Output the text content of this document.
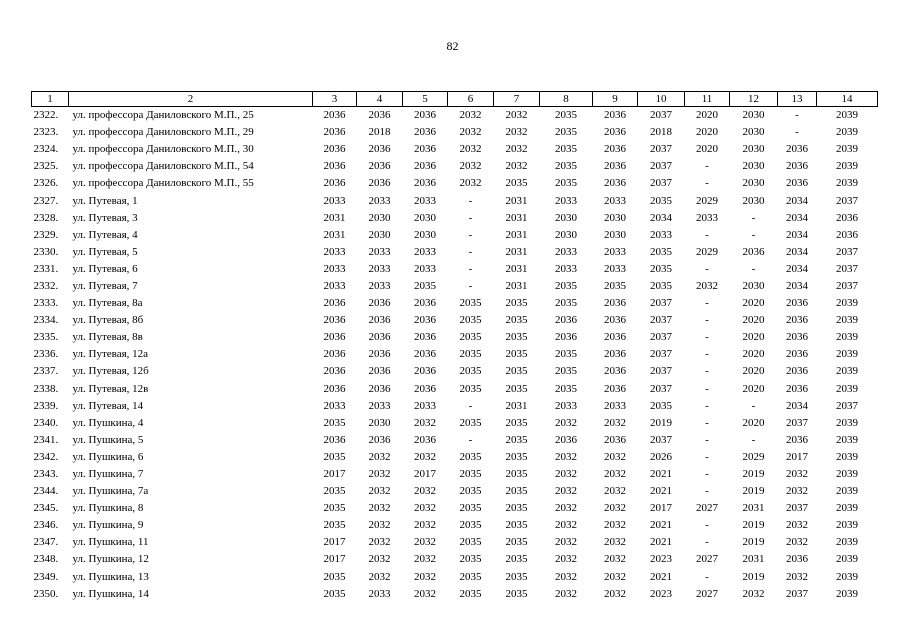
82
1	2	3	4	5	6	7	8	9	10	11	12	13	14
2322.	ул. профессора Даниловского М.П., 25	2036	2036	2036	2032	2032	2035	2036	2037	2020	2030	-	2039
2323.	ул. профессора Даниловского М.П., 29	2036	2018	2036	2032	2032	2035	2036	2018	2020	2030	-	2039
2324.	ул. профессора Даниловского М.П., 30	2036	2036	2036	2032	2032	2035	2036	2037	2020	2030	2036	2039
2325.	ул. профессора Даниловского М.П., 54	2036	2036	2036	2032	2032	2035	2036	2037	-	2030	2036	2039
2326.	ул. профессора Даниловского М.П., 55	2036	2036	2036	2032	2035	2035	2036	2037	-	2030	2036	2039
2327.	ул. Путевая, 1	2033	2033	2033	-	2031	2033	2033	2035	2029	2030	2034	2037
2328.	ул. Путевая, 3	2031	2030	2030	-	2031	2030	2030	2034	2033	-	2034	2036
2329.	ул. Путевая, 4	2031	2030	2030	-	2031	2030	2030	2033	-	-	2034	2036
2330.	ул. Путевая, 5	2033	2033	2033	-	2031	2033	2033	2035	2029	2036	2034	2037
2331.	ул. Путевая, 6	2033	2033	2033	-	2031	2033	2033	2035	-	-	2034	2037
2332.	ул. Путевая, 7	2033	2033	2035	-	2031	2035	2035	2035	2032	2030	2034	2037
2333.	ул. Путевая, 8а	2036	2036	2036	2035	2035	2035	2036	2037	-	2020	2036	2039
2334.	ул. Путевая, 8б	2036	2036	2036	2035	2035	2036	2036	2037	-	2020	2036	2039
2335.	ул. Путевая, 8в	2036	2036	2036	2035	2035	2036	2036	2037	-	2020	2036	2039
2336.	ул. Путевая, 12а	2036	2036	2036	2035	2035	2035	2036	2037	-	2020	2036	2039
2337.	ул. Путевая, 12б	2036	2036	2036	2035	2035	2035	2036	2037	-	2020	2036	2039
2338.	ул. Путевая, 12в	2036	2036	2036	2035	2035	2035	2036	2037	-	2020	2036	2039
2339.	ул. Путевая, 14	2033	2033	2033	-	2031	2033	2033	2035	-	-	2034	2037
2340.	ул. Пушкина, 4	2035	2030	2032	2035	2035	2032	2032	2019	-	2020	2037	2039
2341.	ул. Пушкина, 5	2036	2036	2036	-	2035	2036	2036	2037	-	-	2036	2039
2342.	ул. Пушкина, 6	2035	2032	2032	2035	2035	2032	2032	2026	-	2029	2017	2039
2343.	ул. Пушкина, 7	2017	2032	2017	2035	2035	2032	2032	2021	-	2019	2032	2039
2344.	ул. Пушкина, 7а	2035	2032	2032	2035	2035	2032	2032	2021	-	2019	2032	2039
2345.	ул. Пушкина, 8	2035	2032	2032	2035	2035	2032	2032	2017	2027	2031	2037	2039
2346.	ул. Пушкина, 9	2035	2032	2032	2035	2035	2032	2032	2021	-	2019	2032	2039
2347.	ул. Пушкина, 11	2017	2032	2032	2035	2035	2032	2032	2021	-	2019	2032	2039
2348.	ул. Пушкина, 12	2017	2032	2032	2035	2035	2032	2032	2023	2027	2031	2036	2039
2349.	ул. Пушкина, 13	2035	2032	2032	2035	2035	2032	2032	2021	-	2019	2032	2039
2350.	ул. Пушкина, 14	2035	2033	2032	2035	2035	2032	2032	2023	2027	2032	2037	2039
